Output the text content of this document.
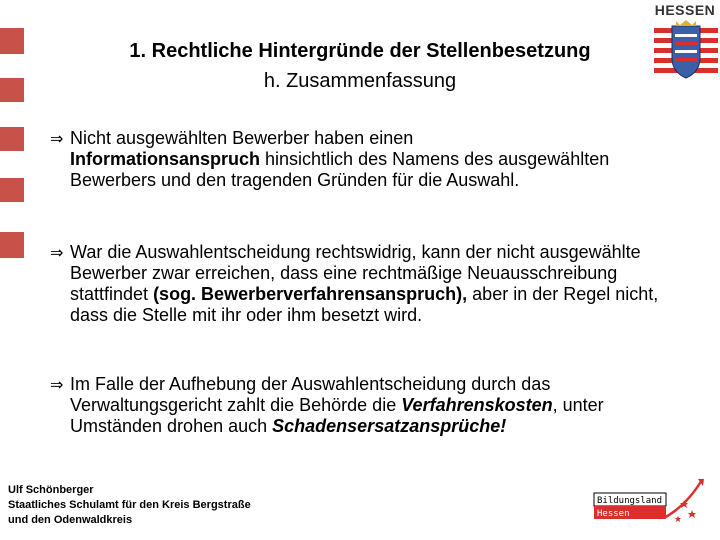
HESSEN
1. Rechtliche Hintergründe der Stellenbesetzung
h. Zusammenfassung
⇒ Nicht ausgewählten Bewerber haben einen
Informationsanspruch hinsichtlich des Namens des ausgewählten Bewerbers und den tragenden Gründen für die Auswahl.
⇒ War die Auswahlentscheidung rechtswidrig, kann der nicht ausgewählte Bewerber zwar erreichen, dass eine rechtmäßige Neuausschreibung stattfindet (sog. Bewerberverfahrensanspruch), aber in der Regel nicht, dass die Stelle mit ihr oder ihm besetzt wird.
⇒ Im Falle der Aufhebung der Auswahlentscheidung durch das Verwaltungsgericht zahlt die Behörde die Verfahrenskosten, unter Umständen drohen auch Schadensersatzansprüche!
Ulf Schönberger
Staatliches Schulamt für den Kreis Bergstraße
und den Odenwaldkreis
Bildungsland
Hessen
